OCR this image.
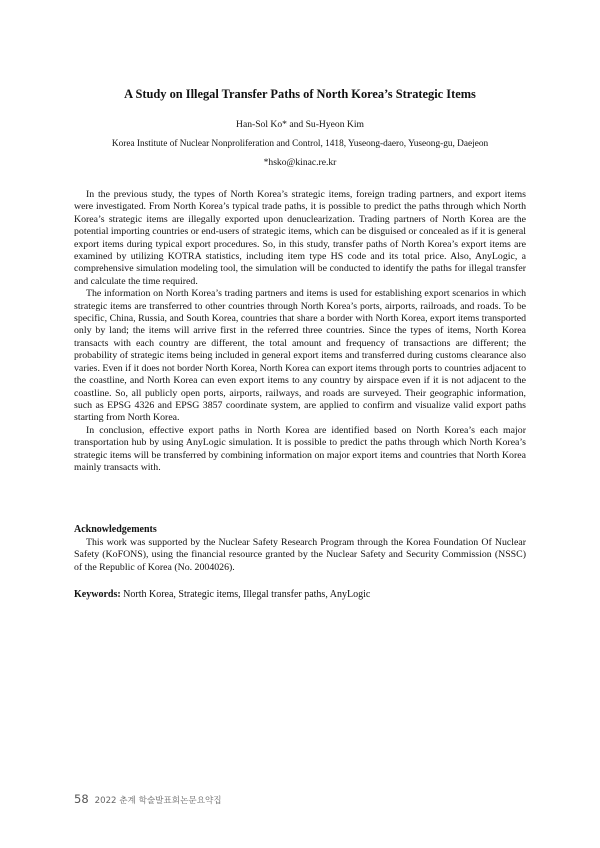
A Study on Illegal Transfer Paths of North Korea’s Strategic Items
Han-Sol Ko* and Su-Hyeon Kim
Korea Institute of Nuclear Nonproliferation and Control, 1418, Yuseong-daero, Yuseong-gu, Daejeon
*hsko@kinac.re.kr

In the previous study, the types of North Korea’s strategic items, foreign trading partners, and export items were investigated. From North Korea’s typical trade paths, it is possible to predict the paths through which North Korea’s strategic items are illegally exported upon denuclearization. Trading partners of North Korea are the potential importing countries or end-users of strategic items, which can be disguised or concealed as if it is general export items during typical export procedures. So, in this study, transfer paths of North Korea’s export items are examined by utilizing KOTRA statistics, including item type HS code and its total price. Also, AnyLogic, a comprehensive simulation modeling tool, the simulation will be conducted to identify the paths for illegal transfer and calculate the time required.

The information on North Korea’s trading partners and items is used for establishing export scenarios in which strategic items are transferred to other countries through North Korea’s ports, airports, railroads, and roads. To be specific, China, Russia, and South Korea, countries that share a border with North Korea, export items transported only by land; the items will arrive first in the referred three countries. Since the types of items, North Korea transacts with each country are different, the total amount and frequency of transactions are different; the probability of strategic items being included in general export items and transferred during customs clearance also varies. Even if it does not border North Korea, North Korea can export items through ports to countries adjacent to the coastline, and North Korea can even export items to any country by airspace even if it is not adjacent to the coastline. So, all publicly open ports, airports, railways, and roads are surveyed. Their geographic information, such as EPSG 4326 and EPSG 3857 coordinate system, are applied to confirm and visualize valid export paths starting from North Korea.

In conclusion, effective export paths in North Korea are identified based on North Korea’s each major transportation hub by using AnyLogic simulation. It is possible to predict the paths through which North Korea’s strategic items will be transferred by combining information on major export items and countries that North Korea mainly transacts with.

Acknowledgements

This work was supported by the Nuclear Safety Research Program through the Korea Foundation Of Nuclear Safety (KoFONS), using the financial resource granted by the Nuclear Safety and Security Commission (NSSC) of the Republic of Korea (No. 2004026).

Keywords: North Korea, Strategic items, Illegal transfer paths, AnyLogic
58 2022 춘계 학술발표회논문요약집
